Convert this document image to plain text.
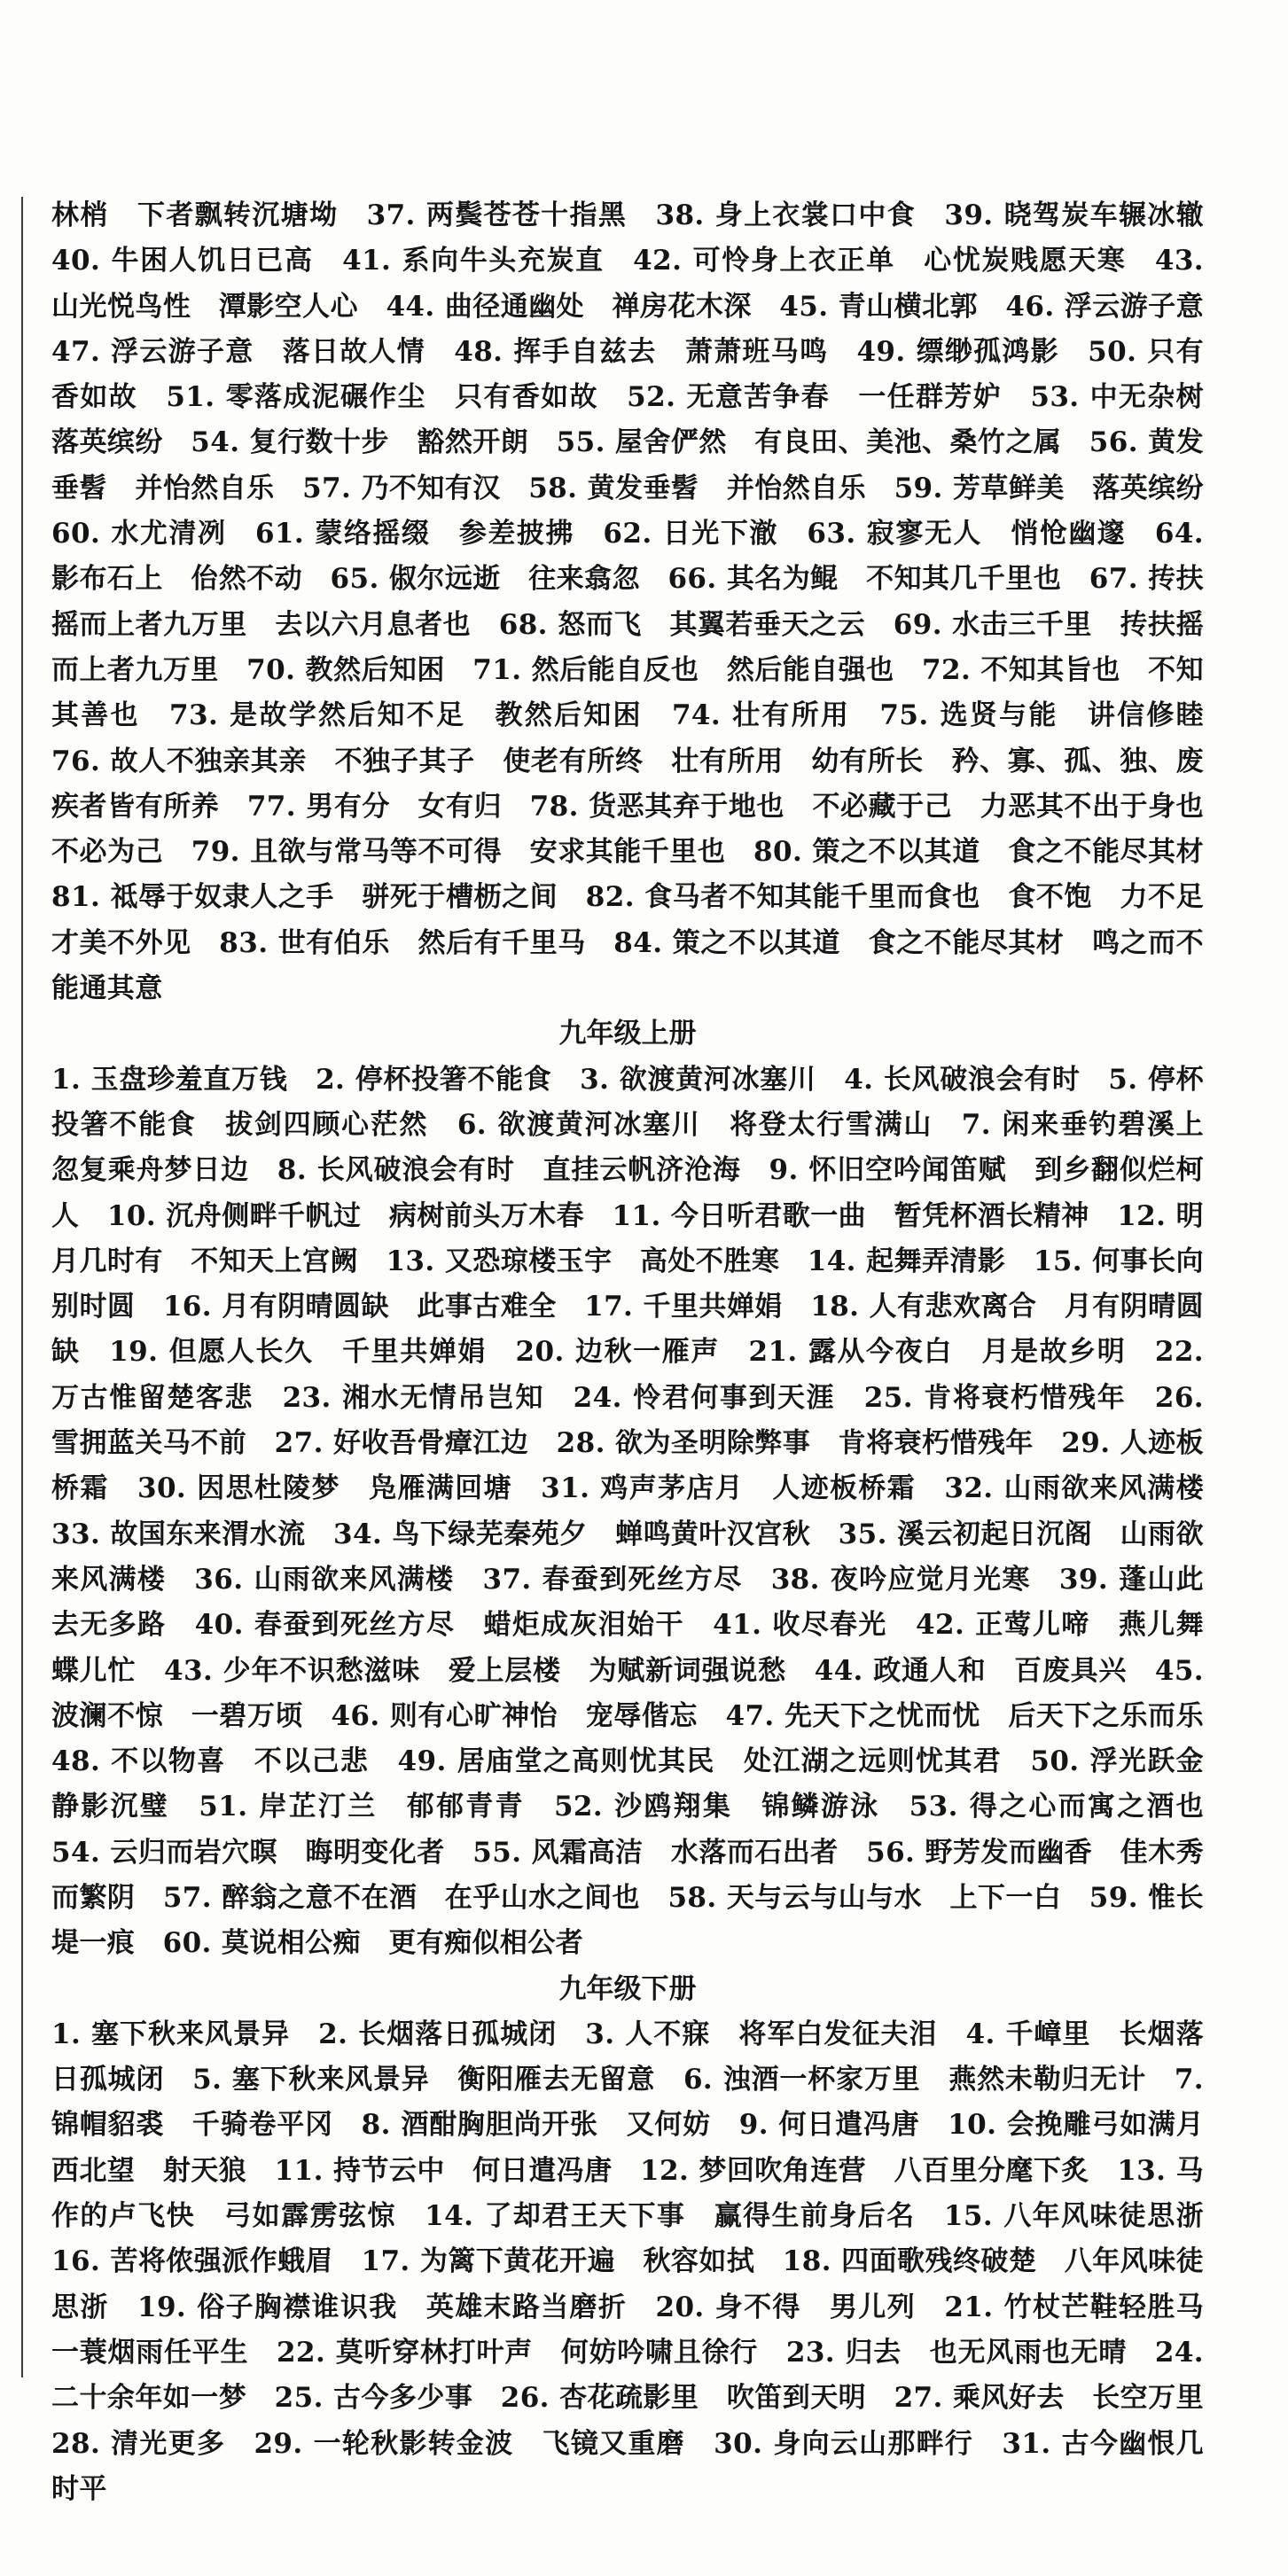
林梢　下者飘转沉塘坳　37. 两鬓苍苍十指黑　38. 身上衣裳口中食　39. 晓驾炭车辗冰辙　40. 牛困人饥日已高　41. 系向牛头充炭直　42. 可怜身上衣正单　心忧炭贱愿天寒　43. 山光悦鸟性　潭影空人心　44. 曲径通幽处　禅房花木深　45. 青山横北郭　46. 浮云游子意　47. 浮云游子意　落日故人情　48. 挥手自兹去　萧萧班马鸣　49. 缥缈孤鸿影　50. 只有香如故　51. 零落成泥碾作尘　只有香如故　52. 无意苦争春　一任群芳妒　53. 中无杂树　落英缤纷　54. 复行数十步　豁然开朗　55. 屋舍俨然　有良田、美池、桑竹之属　56. 黄发垂髫　并怡然自乐　57. 乃不知有汉　58. 黄发垂髫　并怡然自乐　59. 芳草鲜美　落英缤纷　60. 水尤清冽　61. 蒙络摇缀　参差披拂　62. 日光下澈　63. 寂寥无人　悄怆幽邃　64. 影布石上　佁然不动　65. 俶尔远逝　往来翕忽　66. 其名为鲲　不知其几千里也　67. 抟扶摇而上者九万里　去以六月息者也　68. 怒而飞　其翼若垂天之云　69. 水击三千里　抟扶摇而上者九万里　70. 教然后知困　71. 然后能自反也　然后能自强也　72. 不知其旨也　不知其善也　73. 是故学然后知不足　教然后知困　74. 壮有所用　75. 选贤与能　讲信修睦　76. 故人不独亲其亲　不独子其子　使老有所终　壮有所用　幼有所长　矜、寡、孤、独、废疾者皆有所养　77. 男有分　女有归　78. 货恶其弃于地也　不必藏于己　力恶其不出于身也　不必为己　79. 且欲与常马等不可得　安求其能千里也　80. 策之不以其道　食之不能尽其材　81. 祗辱于奴隶人之手　骈死于槽枥之间　82. 食马者不知其能千里而食也　食不饱　力不足　才美不外见　83. 世有伯乐　然后有千里马　84. 策之不以其道　食之不能尽其材　鸣之而不能通其意

九年级上册

1. 玉盘珍羞直万钱　2. 停杯投箸不能食　3. 欲渡黄河冰塞川　4. 长风破浪会有时　5. 停杯投箸不能食　拔剑四顾心茫然　6. 欲渡黄河冰塞川　将登太行雪满山　7. 闲来垂钓碧溪上　忽复乘舟梦日边　8. 长风破浪会有时　直挂云帆济沧海　9. 怀旧空吟闻笛赋　到乡翻似烂柯人　10. 沉舟侧畔千帆过　病树前头万木春　11. 今日听君歌一曲　暂凭杯酒长精神　12. 明月几时有　不知天上宫阙　13. 又恐琼楼玉宇　高处不胜寒　14. 起舞弄清影　15. 何事长向别时圆　16. 月有阴晴圆缺　此事古难全　17. 千里共婵娟　18. 人有悲欢离合　月有阴晴圆缺　19. 但愿人长久　千里共婵娟　20. 边秋一雁声　21. 露从今夜白　月是故乡明　22. 万古惟留楚客悲　23. 湘水无情吊岂知　24. 怜君何事到天涯　25. 肯将衰朽惜残年　26. 雪拥蓝关马不前　27. 好收吾骨瘴江边　28. 欲为圣明除弊事　肯将衰朽惜残年　29. 人迹板桥霜　30. 因思杜陵梦　凫雁满回塘　31. 鸡声茅店月　人迹板桥霜　32. 山雨欲来风满楼　33. 故国东来渭水流　34. 鸟下绿芜秦苑夕　蝉鸣黄叶汉宫秋　35. 溪云初起日沉阁　山雨欲来风满楼　36. 山雨欲来风满楼　37. 春蚕到死丝方尽　38. 夜吟应觉月光寒　39. 蓬山此去无多路　40. 春蚕到死丝方尽　蜡炬成灰泪始干　41. 收尽春光　42. 正莺儿啼　燕儿舞　蝶儿忙　43. 少年不识愁滋味　爱上层楼　为赋新词强说愁　44. 政通人和　百废具兴　45. 波澜不惊　一碧万顷　46. 则有心旷神怡　宠辱偕忘　47. 先天下之忧而忧　后天下之乐而乐　48. 不以物喜　不以己悲　49. 居庙堂之高则忧其民　处江湖之远则忧其君　50. 浮光跃金　静影沉璧　51. 岸芷汀兰　郁郁青青　52. 沙鸥翔集　锦鳞游泳　53. 得之心而寓之酒也　54. 云归而岩穴暝　晦明变化者　55. 风霜高洁　水落而石出者　56. 野芳发而幽香　佳木秀而繁阴　57. 醉翁之意不在酒　在乎山水之间也　58. 天与云与山与水　上下一白　59. 惟长堤一痕　60. 莫说相公痴　更有痴似相公者

九年级下册

1. 塞下秋来风景异　2. 长烟落日孤城闭　3. 人不寐　将军白发征夫泪　4. 千嶂里　长烟落日孤城闭　5. 塞下秋来风景异　衡阳雁去无留意　6. 浊酒一杯家万里　燕然未勒归无计　7. 锦帽貂裘　千骑卷平冈　8. 酒酣胸胆尚开张　又何妨　9. 何日遣冯唐　10. 会挽雕弓如满月　西北望　射天狼　11. 持节云中　何日遣冯唐　12. 梦回吹角连营　八百里分麾下炙　13. 马作的卢飞快　弓如霹雳弦惊　14. 了却君王天下事　赢得生前身后名　15. 八年风味徒思浙　16. 苦将侬强派作蛾眉　17. 为篱下黄花开遍　秋容如拭　18. 四面歌残终破楚　八年风味徒思浙　19. 俗子胸襟谁识我　英雄末路当磨折　20. 身不得　男儿列　21. 竹杖芒鞋轻胜马　一蓑烟雨任平生　22. 莫听穿林打叶声　何妨吟啸且徐行　23. 归去　也无风雨也无晴　24. 二十余年如一梦　25. 古今多少事　26. 杏花疏影里　吹笛到天明　27. 乘风好去　长空万里　28. 清光更多　29. 一轮秋影转金波　飞镜又重磨　30. 身向云山那畔行　31. 古今幽恨几时平
